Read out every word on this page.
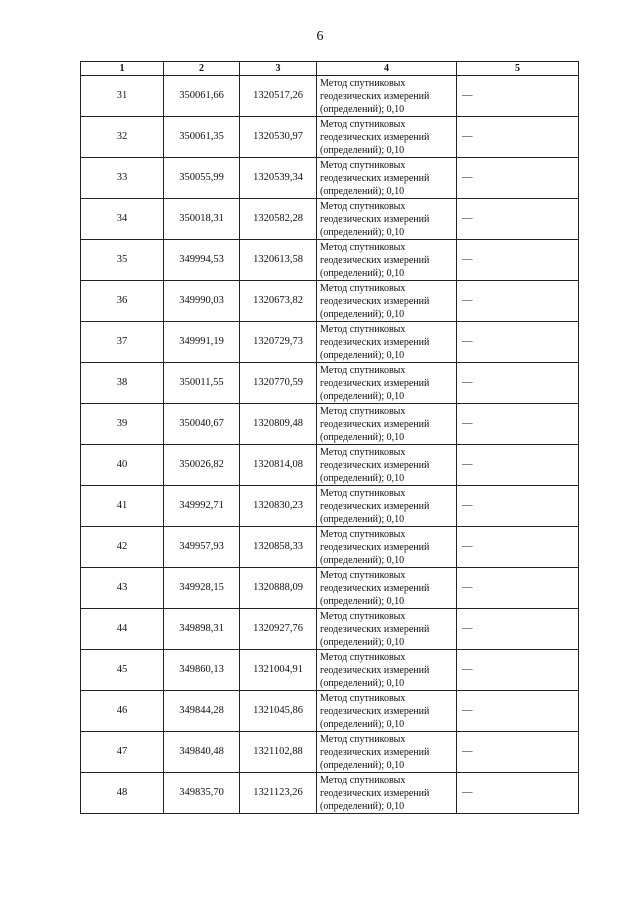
6
1	2	3	4	5
31	350061,66	1320517,26	Метод спутниковых
геодезических измерений
(определений); 0,10	—
32	350061,35	1320530,97	Метод спутниковых
геодезических измерений
(определений); 0,10	—
33	350055,99	1320539,34	Метод спутниковых
геодезических измерений
(определений); 0,10	—
34	350018,31	1320582,28	Метод спутниковых
геодезических измерений
(определений); 0,10	—
35	349994,53	1320613,58	Метод спутниковых
геодезических измерений
(определений); 0,10	—
36	349990,03	1320673,82	Метод спутниковых
геодезических измерений
(определений); 0,10	—
37	349991,19	1320729,73	Метод спутниковых
геодезических измерений
(определений); 0,10	—
38	350011,55	1320770,59	Метод спутниковых
геодезических измерений
(определений); 0,10	—
39	350040,67	1320809,48	Метод спутниковых
геодезических измерений
(определений); 0,10	—
40	350026,82	1320814,08	Метод спутниковых
геодезических измерений
(определений); 0,10	—
41	349992,71	1320830,23	Метод спутниковых
геодезических измерений
(определений); 0,10	—
42	349957,93	1320858,33	Метод спутниковых
геодезических измерений
(определений); 0,10	—
43	349928,15	1320888,09	Метод спутниковых
геодезических измерений
(определений); 0,10	—
44	349898,31	1320927,76	Метод спутниковых
геодезических измерений
(определений); 0,10	—
45	349860,13	1321004,91	Метод спутниковых
геодезических измерений
(определений); 0,10	—
46	349844,28	1321045,86	Метод спутниковых
геодезических измерений
(определений); 0,10	—
47	349840,48	1321102,88	Метод спутниковых
геодезических измерений
(определений); 0,10	—
48	349835,70	1321123,26	Метод спутниковых
геодезических измерений
(определений); 0,10	—
